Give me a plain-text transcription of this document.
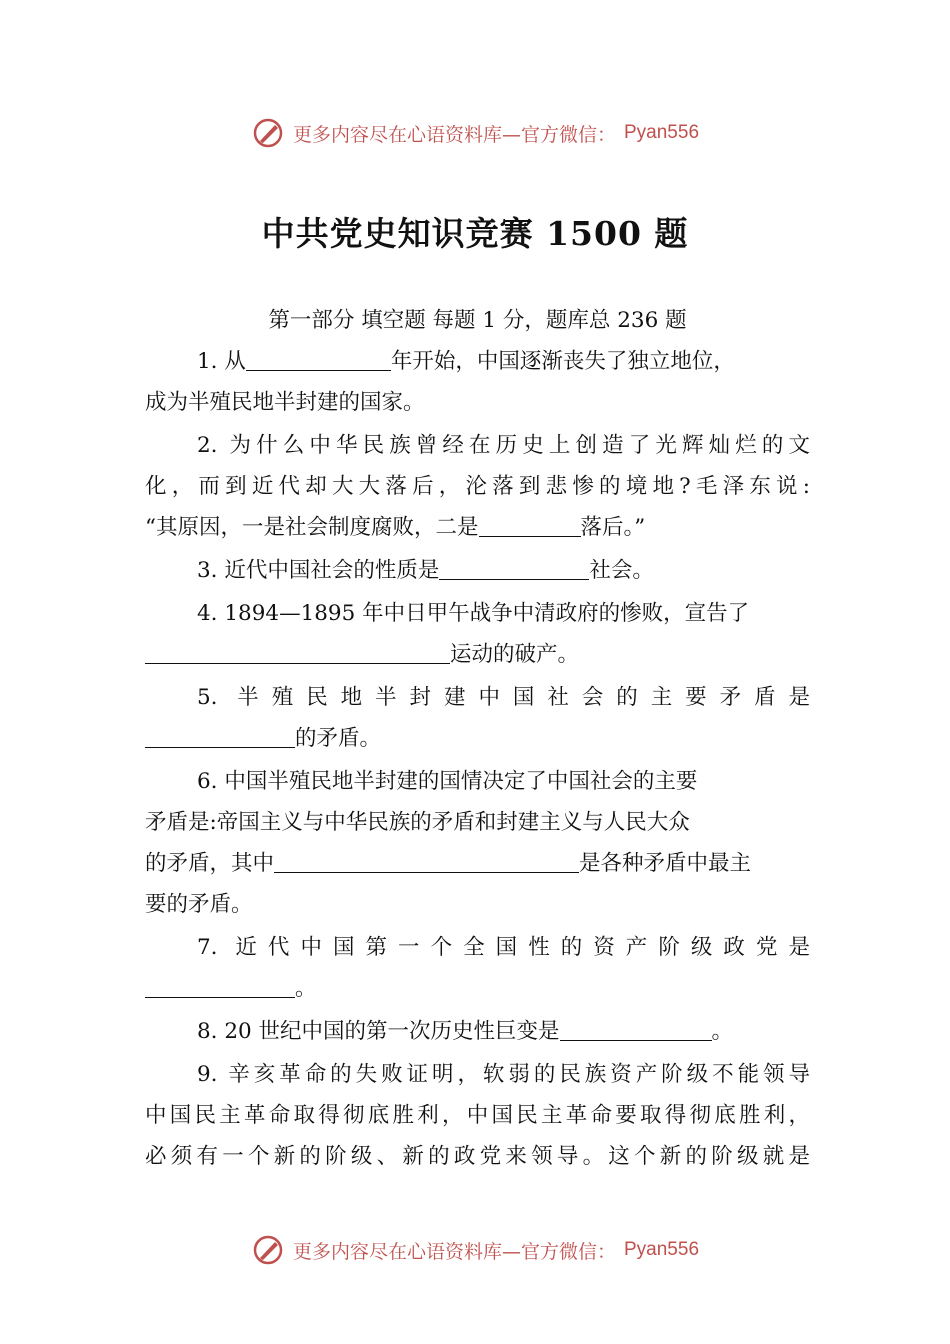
更多内容尽在心语资料库—官方微信： Pyan556
中共党史知识竞赛 1500 题
第一部分 填空题 每题 1 分，题库总 236 题
1. 从	年开始，中国逐渐丧失了独立地位，
成为半殖民地半封建的国家。
2. 为什么中华民族曾经在历史上创造了光辉灿烂的文
化，而到近代却大大落后，沦落到悲惨的境地?毛泽东说:
“其原因，一是社会制度腐败，二是	落后。”
3. 近代中国社会的性质是	社会。
4. 1894—1895 年中日甲午战争中清政府的惨败，宣告了
运动的破产。
5. 半殖民地半封建中国社会的主要矛盾是
的矛盾。
6. 中国半殖民地半封建的国情决定了中国社会的主要
矛盾是:帝国主义与中华民族的矛盾和封建主义与人民大众
的矛盾，其中	是各种矛盾中最主
要的矛盾。
7. 近代中国第一个全国性的资产阶级政党是
。
8. 20 世纪中国的第一次历史性巨变是	。
9. 辛亥革命的失败证明，软弱的民族资产阶级不能领导
中国民主革命取得彻底胜利，中国民主革命要取得彻底胜利，
必须有一个新的阶级、新的政党来领导。这个新的阶级就是
更多内容尽在心语资料库—官方微信： Pyan556
